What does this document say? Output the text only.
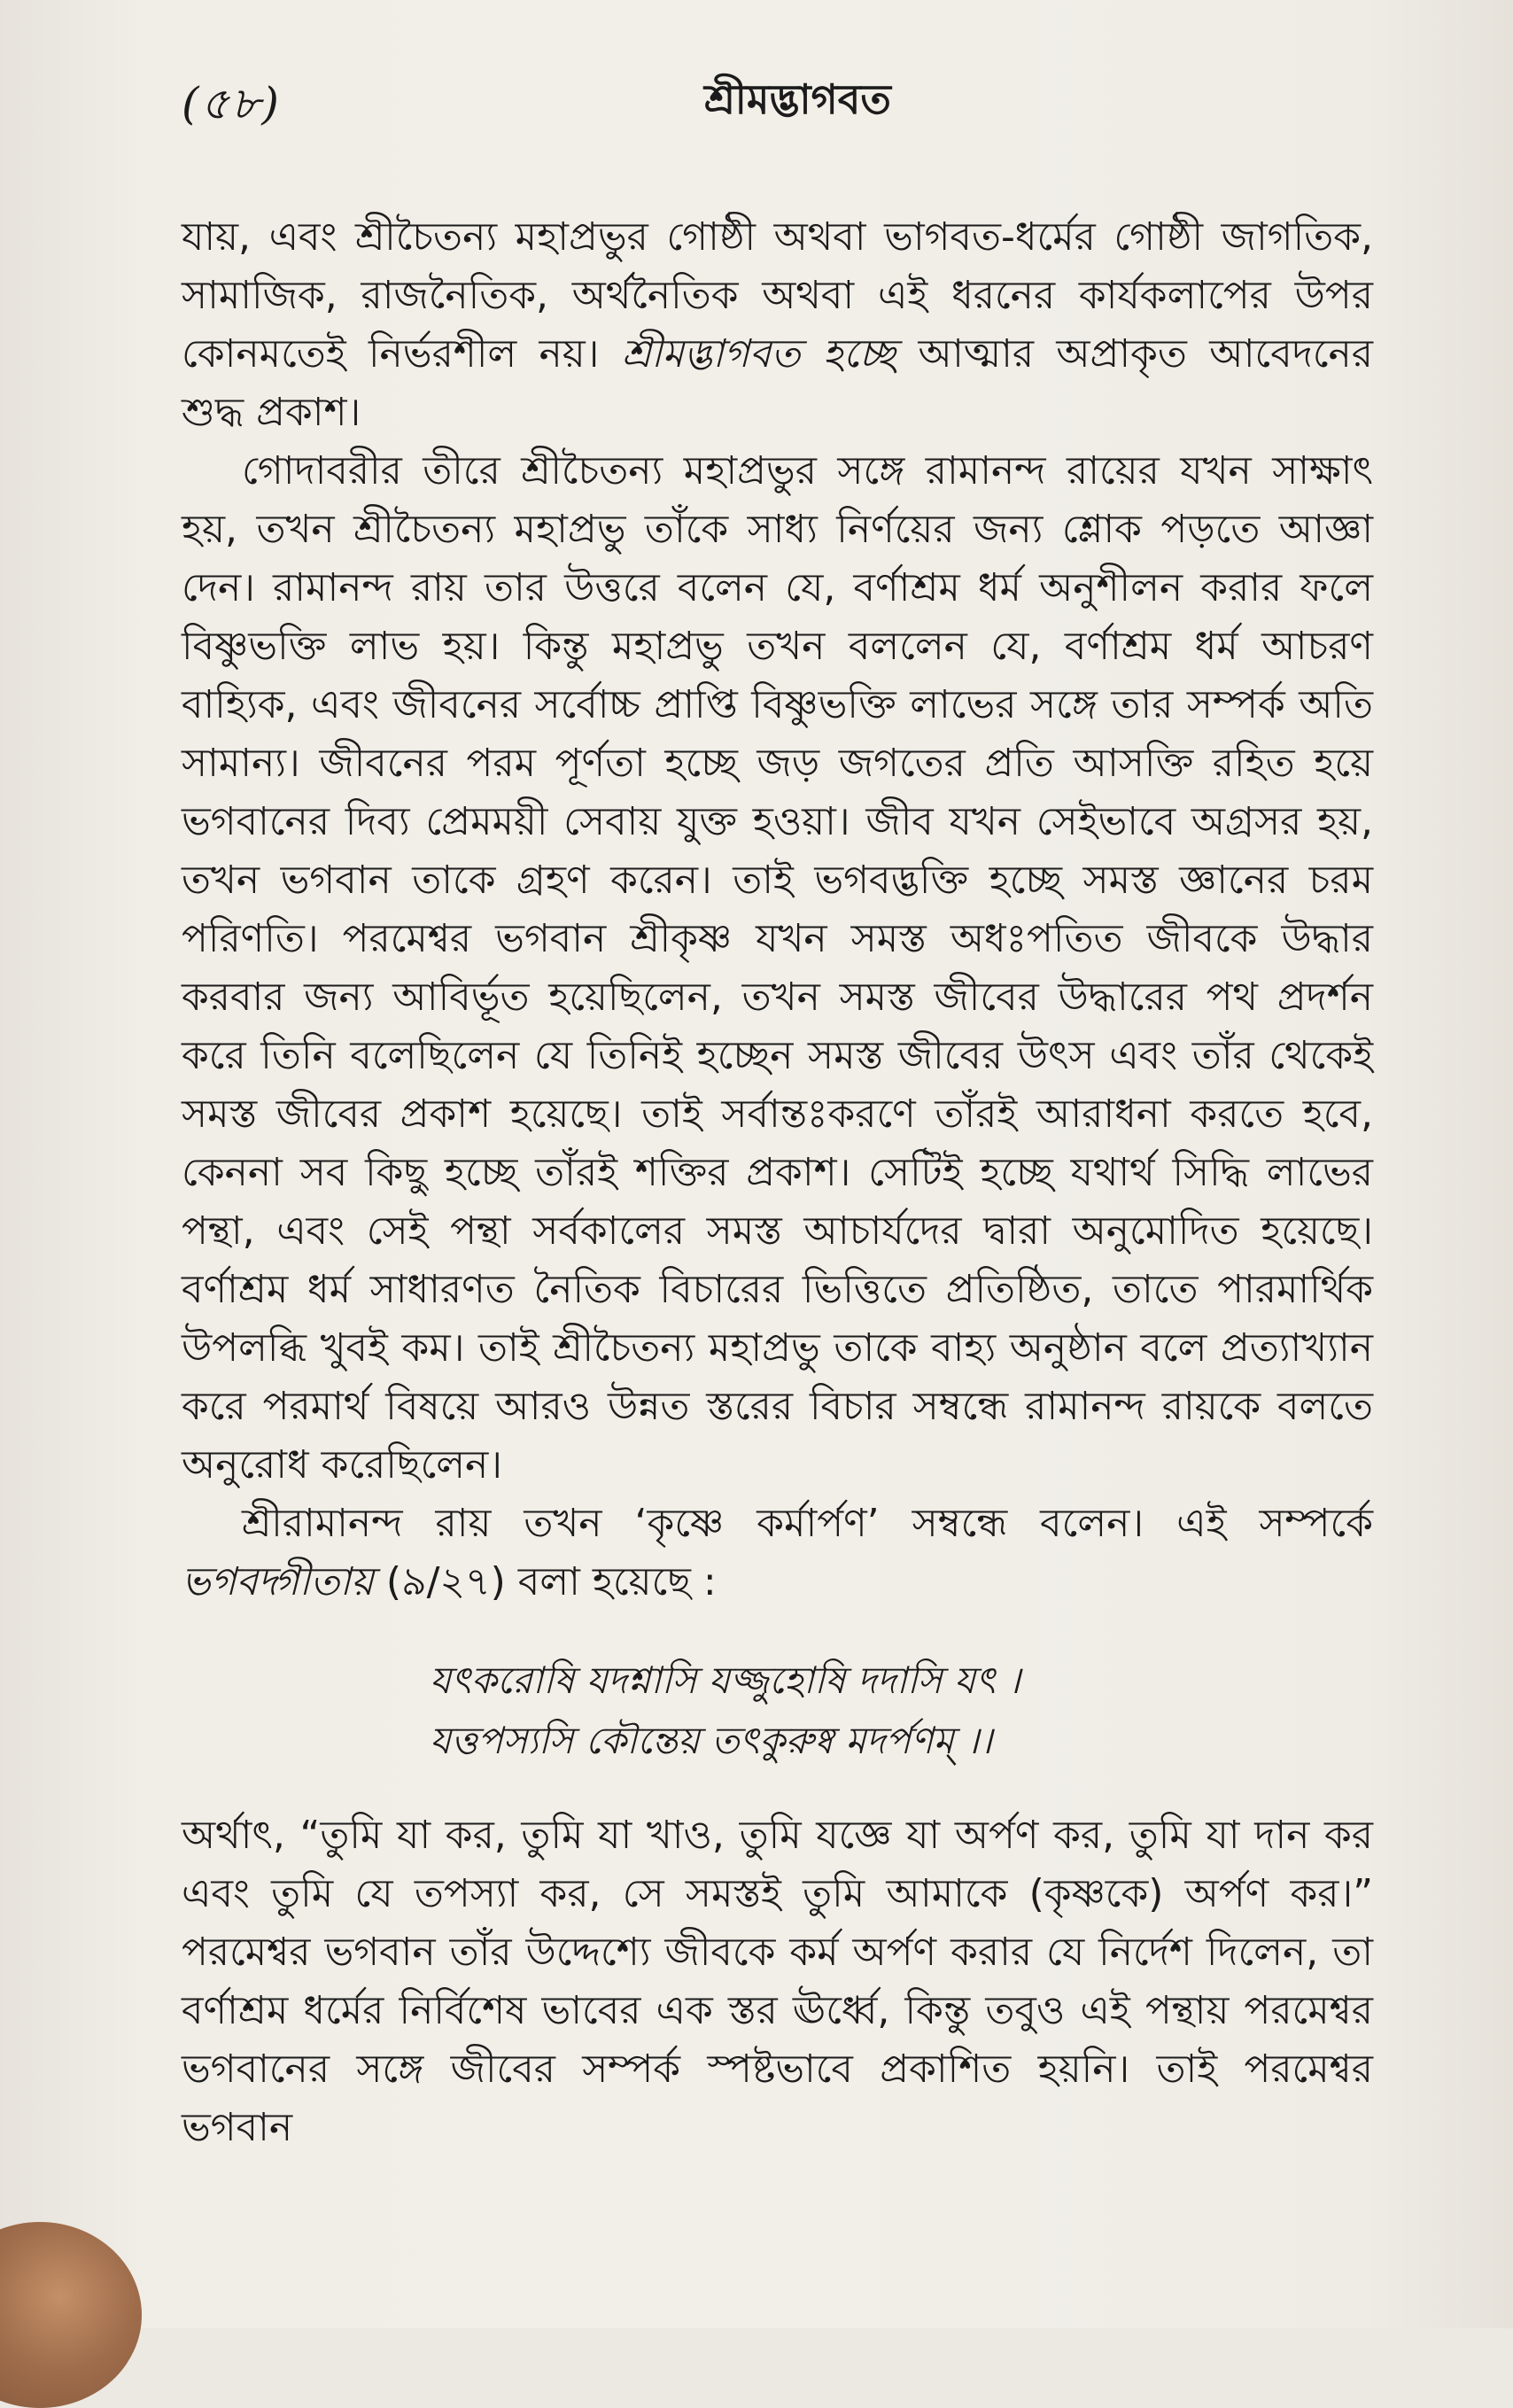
(৫৮)	শ্রীমদ্ভাগবত

যায়, এবং শ্রীচৈতন্য মহাপ্রভুর গোষ্ঠী অথবা ভাগবত-ধর্মের গোষ্ঠী জাগতিক, সামাজিক, রাজনৈতিক, অর্থনৈতিক অথবা এই ধরনের কার্যকলাপের উপর কোনমতেই নির্ভরশীল নয়। শ্রীমদ্ভাগবত হচ্ছে আত্মার অপ্রাকৃত আবেদনের শুদ্ধ প্রকাশ।

গোদাবরীর তীরে শ্রীচৈতন্য মহাপ্রভুর সঙ্গে রামানন্দ রায়ের যখন সাক্ষাৎ হয়, তখন শ্রীচৈতন্য মহাপ্রভু তাঁকে সাধ্য নির্ণয়ের জন্য শ্লোক পড়তে আজ্ঞা দেন। রামানন্দ রায় তার উত্তরে বলেন যে, বর্ণাশ্রম ধর্ম অনুশীলন করার ফলে বিষ্ণুভক্তি লাভ হয়। কিন্তু মহাপ্রভু তখন বললেন যে, বর্ণাশ্রম ধর্ম আচরণ বাহ্যিক, এবং জীবনের সর্বোচ্চ প্রাপ্তি বিষ্ণুভক্তি লাভের সঙ্গে তার সম্পর্ক অতি সামান্য। জীবনের পরম পূর্ণতা হচ্ছে জড় জগতের প্রতি আসক্তি রহিত হয়ে ভগবানের দিব্য প্রেমময়ী সেবায় যুক্ত হওয়া। জীব যখন সেইভাবে অগ্রসর হয়, তখন ভগবান তাকে গ্রহণ করেন। তাই ভগবদ্ভক্তি হচ্ছে সমস্ত জ্ঞানের চরম পরিণতি। পরমেশ্বর ভগবান শ্রীকৃষ্ণ যখন সমস্ত অধঃপতিত জীবকে উদ্ধার করবার জন্য আবির্ভূত হয়েছিলেন, তখন সমস্ত জীবের উদ্ধারের পথ প্রদর্শন করে তিনি বলেছিলেন যে তিনিই হচ্ছেন সমস্ত জীবের উৎস এবং তাঁর থেকেই সমস্ত জীবের প্রকাশ হয়েছে। তাই সর্বান্তঃকরণে তাঁরই আরাধনা করতে হবে, কেননা সব কিছু হচ্ছে তাঁরই শক্তির প্রকাশ। সেটিই হচ্ছে যথার্থ সিদ্ধি লাভের পন্থা, এবং সেই পন্থা সর্বকালের সমস্ত আচার্যদের দ্বারা অনুমোদিত হয়েছে। বর্ণাশ্রম ধর্ম সাধারণত নৈতিক বিচারের ভিত্তিতে প্রতিষ্ঠিত, তাতে পারমার্থিক উপলব্ধি খুবই কম। তাই শ্রীচৈতন্য মহাপ্রভু তাকে বাহ্য অনুষ্ঠান বলে প্রত্যাখ্যান করে পরমার্থ বিষয়ে আরও উন্নত স্তরের বিচার সম্বন্ধে রামানন্দ রায়কে বলতে অনুরোধ করেছিলেন।

শ্রীরামানন্দ রায় তখন ‘কৃষ্ণে কর্মার্পণ’ সম্বন্ধে বলেন। এই সম্পর্কে ভগবদ্গীতায় (৯/২৭) বলা হয়েছে :

যৎকরোষি যদশ্নাসি যজ্জুহোষি দদাসি যৎ ।
যত্তপস্যসি কৌন্তেয় তৎকুরুষ্ব মদর্পণম্‌ ।।

অর্থাৎ, “তুমি যা কর, তুমি যা খাও, তুমি যজ্ঞে যা অর্পণ কর, তুমি যা দান কর এবং তুমি যে তপস্যা কর, সে সমস্তই তুমি আমাকে (কৃষ্ণকে) অর্পণ কর।” পরমেশ্বর ভগবান তাঁর উদ্দেশ্যে জীবকে কর্ম অর্পণ করার যে নির্দেশ দিলেন, তা বর্ণাশ্রম ধর্মের নির্বিশেষ ভাবের এক স্তর ঊর্ধ্বে, কিন্তু তবুও এই পন্থায় পরমেশ্বর ভগবানের সঙ্গে জীবের সম্পর্ক স্পষ্টভাবে প্রকাশিত হয়নি। তাই পরমেশ্বর ভগবান
